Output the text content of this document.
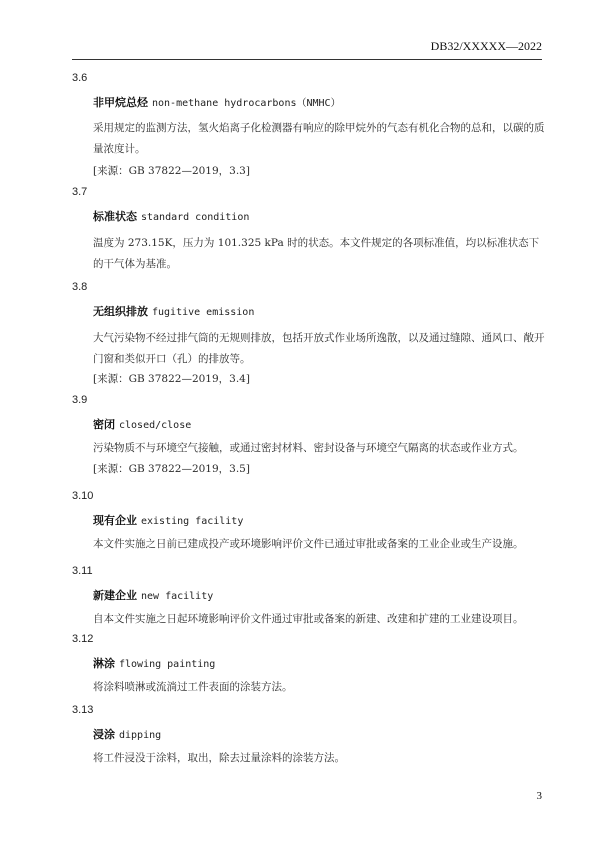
DB32/XXXXX—2022
3.6
非甲烷总烃 non-methane hydrocarbons（NMHC）
采用规定的监测方法，氢火焰离子化检测器有响应的除甲烷外的气态有机化合物的总和，以碳的质量浓度计。
[来源：GB 37822—2019，3.3]
3.7
标准状态 standard condition
温度为 273.15K，压力为 101.325 kPa 时的状态。本文件规定的各项标准值，均以标准状态下的干气体为基准。
3.8
无组织排放 fugitive emission
大气污染物不经过排气筒的无规则排放，包括开放式作业场所逸散，以及通过缝隙、通风口、敞开门窗和类似开口（孔）的排放等。
[来源：GB 37822—2019，3.4]
3.9
密闭 closed/close
污染物质不与环境空气接触，或通过密封材料、密封设备与环境空气隔离的状态或作业方式。
[来源：GB 37822—2019，3.5]
3.10
现有企业 existing facility
本文件实施之日前已建成投产或环境影响评价文件已通过审批或备案的工业企业或生产设施。
3.11
新建企业 new facility
自本文件实施之日起环境影响评价文件通过审批或备案的新建、改建和扩建的工业建设项目。
3.12
淋涂 flowing painting
将涂料喷淋或流淌过工件表面的涂装方法。
3.13
浸涂 dipping
将工件浸没于涂料，取出，除去过量涂料的涂装方法。
3
